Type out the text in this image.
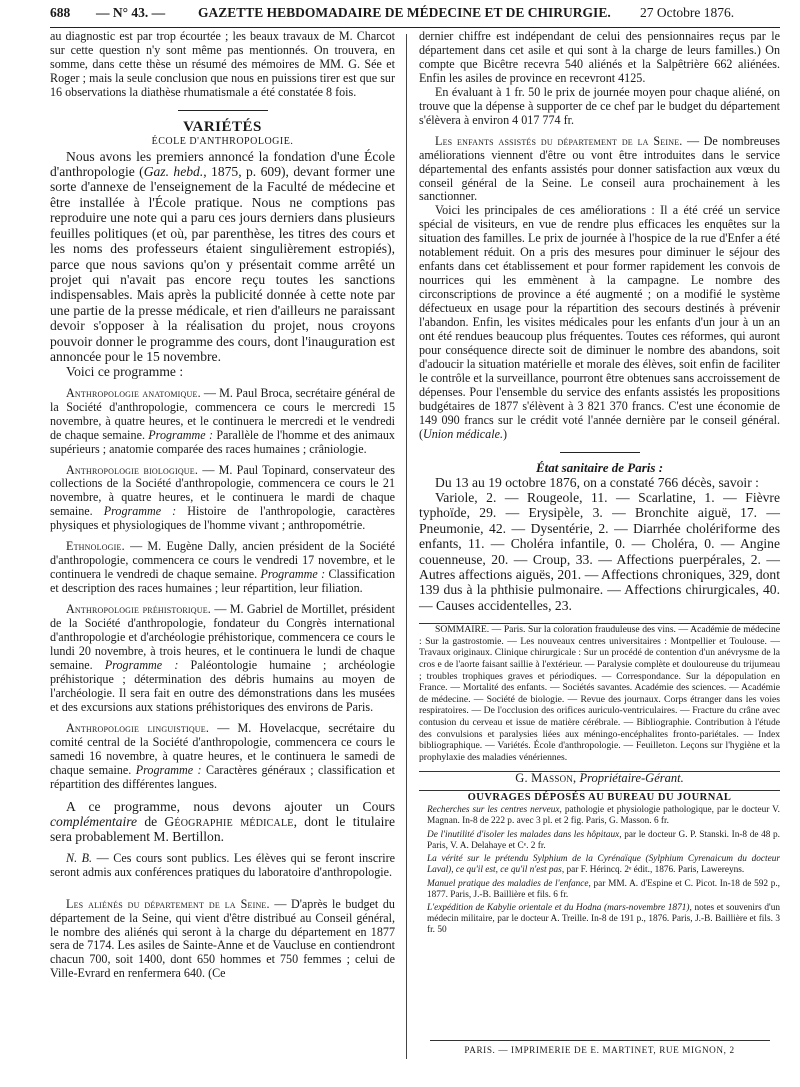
688 — N° 43. — GAZETTE HEBDOMADAIRE DE MÉDECINE ET DE CHIRURGIE. 27 Octobre 1876.

au diagnostic est par trop écourtée ; les beaux travaux de M. Charcot sur cette question n'y sont même pas mentionnés. On trouvera, en somme, dans cette thèse un résumé des mémoires de MM. G. Sée et Roger ; mais la seule conclusion que nous en puissions tirer est que sur 16 observations la diathèse rhumatismale a été constatée 8 fois.

VARIÉTÉS

ÉCOLE D'ANTHROPOLOGIE.

Nous avons les premiers annoncé la fondation d'une École d'anthropologie (Gaz. hebd., 1875, p. 609), devant former une sorte d'annexe de l'enseignement de la Faculté de médecine et être installée à l'École pratique. Nous ne comptions pas reproduire une note qui a paru ces jours derniers dans plusieurs feuilles politiques (et où, par parenthèse, les titres des cours et les noms des professeurs étaient singulièrement estropiés), parce que nous savions qu'on y présentait comme arrêté un projet qui n'avait pas encore reçu toutes les sanctions indispensables. Mais après la publicité donnée à cette note par une partie de la presse médicale, et rien d'ailleurs ne paraissant devoir s'opposer à la réalisation du projet, nous croyons pouvoir donner le programme des cours, dont l'inauguration est annoncée pour le 15 novembre.

Voici ce programme :

Anthropologie anatomique. — M. Paul Broca, secrétaire général de la Société d'anthropologie, commencera ce cours le mercredi 15 novembre, à quatre heures, et le continuera le mercredi et le vendredi de chaque semaine. Programme : Parallèle de l'homme et des animaux supérieurs ; anatomie comparée des races humaines ; crâniologie.

Anthropologie biologique. — M. Paul Topinard, conservateur des collections de la Société d'anthropologie, commencera ce cours le 21 novembre, à quatre heures, et le continuera le mardi de chaque semaine. Programme : Histoire de l'anthropologie, caractères physiques et physiologiques de l'homme vivant ; anthropométrie.

Ethnologie. — M. Eugène Dally, ancien président de la Société d'anthropologie, commencera ce cours le vendredi 17 novembre, et le continuera le vendredi de chaque semaine. Programme : Classification et description des races humaines ; leur répartition, leur filiation.

Anthropologie préhistorique. — M. Gabriel de Mortillet, président de la Société d'anthropologie, fondateur du Congrès international d'anthropologie et d'archéologie préhistorique, commencera ce cours le lundi 20 novembre, à trois heures, et le continuera le lundi de chaque semaine. Programme : Paléontologie humaine ; archéologie préhistorique ; détermination des débris humains au moyen de l'archéologie. Il sera fait en outre des démonstrations dans les musées et des excursions aux stations préhistoriques des environs de Paris.

Anthropologie linguistique. — M. Hovelacque, secrétaire du comité central de la Société d'anthropologie, commencera ce cours le samedi 16 novembre, à quatre heures, et le continuera le samedi de chaque semaine. Programme : Caractères généraux ; classification et répartition des différentes langues.

A ce programme, nous devons ajouter un Cours complémentaire de Géographie médicale, dont le titulaire sera probablement M. Bertillon.

N. B. — Ces cours sont publics. Les élèves qui se feront inscrire seront admis aux conférences pratiques du laboratoire d'anthropologie.

Les aliénés du département de la Seine. — D'après le budget du département de la Seine, qui vient d'être distribué au Conseil général, le nombre des aliénés qui seront à la charge du département en 1877 sera de 7174. Les asiles de Sainte-Anne et de Vaucluse en contiendront chacun 700, soit 1400, dont 650 hommes et 750 femmes ; celui de Ville-Evrard en renfermera 640. (Ce

dernier chiffre est indépendant de celui des pensionnaires reçus par le département dans cet asile et qui sont à la charge de leurs familles.) On compte que Bicêtre recevra 540 aliénés et la Salpêtrière 662 aliénées. Enfin les asiles de province en recevront 4125.

En évaluant à 1 fr. 50 le prix de journée moyen pour chaque aliéné, on trouve que la dépense à supporter de ce chef par le budget du département s'élèvera à environ 4 017 774 fr.

Les enfants assistés du département de la Seine. — De nombreuses améliorations viennent d'être ou vont être introduites dans le service départemental des enfants assistés pour donner satisfaction aux vœux du conseil général de la Seine. Le conseil aura prochainement à les sanctionner.

Voici les principales de ces améliorations : Il a été créé un service spécial de visiteurs, en vue de rendre plus efficaces les enquêtes sur la situation des familles. Le prix de journée à l'hospice de la rue d'Enfer a été notablement réduit. On a pris des mesures pour diminuer le séjour des enfants dans cet établissement et pour former rapidement les convois de nourrices qui les emmènent à la campagne. Le nombre des circonscriptions de province a été augmenté ; on a modifié le système défectueux en usage pour la répartition des secours destinés à prévenir l'abandon. Enfin, les visites médicales pour les enfants d'un jour à un an ont été rendues beaucoup plus fréquentes. Toutes ces réformes, qui auront pour conséquence directe soit de diminuer le nombre des abandons, soit d'adoucir la situation matérielle et morale des élèves, soit enfin de faciliter le contrôle et la surveillance, pourront être obtenues sans accroissement de dépenses. Pour l'ensemble du service des enfants assistés les propositions budgétaires de 1877 s'élèvent à 3 821 370 francs. C'est une économie de 149 090 francs sur le crédit voté l'année dernière par le conseil général. (Union médicale.)

État sanitaire de Paris :

Du 13 au 19 octobre 1876, on a constaté 766 décès, savoir :

Variole, 2. — Rougeole, 11. — Scarlatine, 1. — Fièvre typhoïde, 29. — Erysipèle, 3. — Bronchite aiguë, 17. — Pneumonie, 42. — Dysentérie, 2. — Diarrhée cholériforme des enfants, 11. — Choléra infantile, 0. — Choléra, 0. — Angine couenneuse, 20. — Croup, 33. — Affections puerpérales, 2. — Autres affections aiguës, 201. — Affections chroniques, 329, dont 139 dus à la phthisie pulmonaire. — Affections chirurgicales, 40. — Causes accidentelles, 23.

SOMMAIRE. — Paris. Sur la coloration frauduleuse des vins. — Académie de médecine : Sur la gastrostomie. — Les nouveaux centres universitaires : Montpellier et Toulouse. — Travaux originaux. Clinique chirurgicale : Sur un procédé de contention d'un anévrysme de la cros e de l'aorte faisant saillie à l'extérieur. — Paralysie complète et douloureuse du trijumeau ; troubles trophiques graves et périodiques. — Correspondance. Sur la dépopulation en France. — Mortalité des enfants. — Sociétés savantes. Académie des sciences. — Académie de médecine. — Société de biologie. — Revue des journaux. Corps étranger dans les voies respiratoires. — De l'occlusion des orifices auriculo-ventriculaires. — Fracture du crâne avec contusion du cerveau et issue de matière cérébrale. — Bibliographie. Contribution à l'étude des convulsions et paralysies liées aux méningo-encéphalites fronto-pariétales. — Index bibliographique. — Variétés. École d'anthropologie. — Feuilleton. Leçons sur l'hygiène et la prophylaxie des maladies vénériennes.

G. Masson, Propriétaire-Gérant.

OUVRAGES DÉPOSÉS AU BUREAU DU JOURNAL

Recherches sur les centres nerveux, pathologie et physiologie pathologique, par le docteur V. Magnan. In-8 de 222 p. avec 3 pl. et 2 fig. Paris, G. Masson. 6 fr.

De l'inutilité d'isoler les malades dans les hôpitaux, par le docteur G. P. Stanski. In-8 de 48 p. Paris, V. A. Delahaye et Cᵉ. 2 fr.

La vérité sur le prétendu Sylphium de la Cyrénaïque (Sylphium Cyrenaicum du docteur Laval), ce qu'il est, ce qu'il n'est pas, par F. Hérincq. 2ᵉ édit., 1876. Paris, Lawereyns.

Manuel pratique des maladies de l'enfance, par MM. A. d'Espine et C. Picot. In-18 de 592 p., 1877. Paris, J.-B. Baillière et fils. 6 fr.

L'expédition de Kabylie orientale et du Hodna (mars-novembre 1871), notes et souvenirs d'un médecin militaire, par le docteur A. Treille. In-8 de 191 p., 1876. Paris, J.-B. Baillière et fils. 3 fr. 50

PARIS. — IMPRIMERIE DE E. MARTINET, RUE MIGNON, 2
